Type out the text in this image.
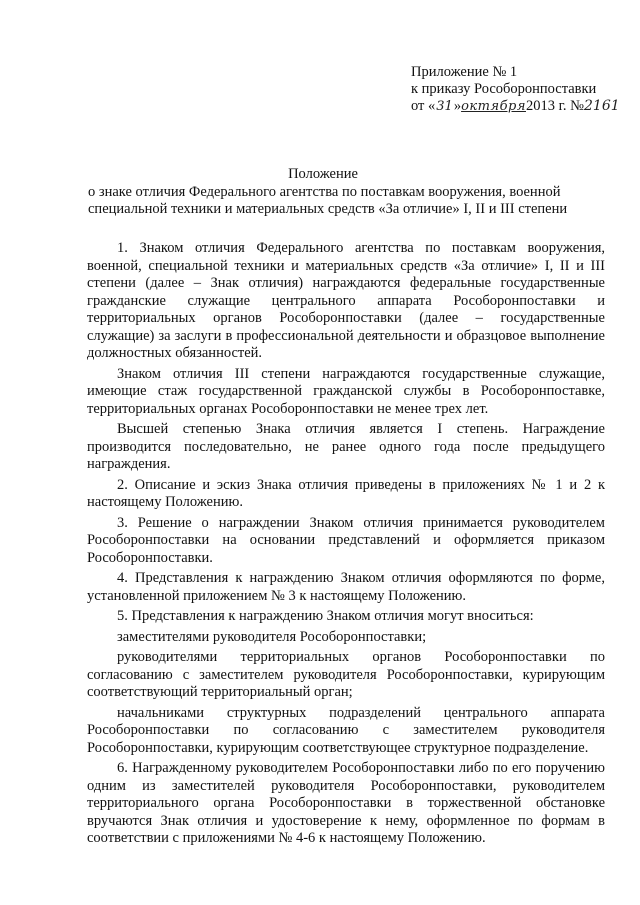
Приложение № 1
к приказу Рособоронпоставки
от «31»октября2013 г. №2161
Положение
о знаке отличия Федерального агентства по поставкам вооружения, военной
специальной техники и материальных средств «За отличие» I, II и III степени

1. Знаком отличия Федерального агентства по поставкам вооружения, военной, специальной техники и материальных средств «За отличие» I, II и III степени (далее – Знак отличия) награждаются федеральные государственные гражданские служащие центрального аппарата Рособоронпоставки и территориальных органов Рособоронпоставки (далее – государственные служащие) за заслуги в профессиональной деятельности и образцовое выполнение должностных обязанностей.

Знаком отличия III степени награждаются государственные служащие, имеющие стаж государственной гражданской службы в Рособоронпоставке, территориальных органах Рособоронпоставки не менее трех лет.

Высшей степенью Знака отличия является I степень. Награждение производится последовательно, не ранее одного года после предыдущего награждения.

2. Описание и эскиз Знака отличия приведены в приложениях № 1 и 2 к настоящему Положению.

3. Решение о награждении Знаком отличия принимается руководителем Рособоронпоставки на основании представлений и оформляется приказом Рособоронпоставки.

4. Представления к награждению Знаком отличия оформляются по форме, установленной приложением № 3 к настоящему Положению.

5. Представления к награждению Знаком отличия могут вноситься:

заместителями руководителя Рособоронпоставки;

руководителями территориальных органов Рособоронпоставки по согласованию с заместителем руководителя Рособоронпоставки, курирующим соответствующий территориальный орган;

начальниками структурных подразделений центрального аппарата Рособоронпоставки по согласованию с заместителем руководителя Рособоронпоставки, курирующим соответствующее структурное подразделение.

6. Награжденному руководителем Рособоронпоставки либо по его поручению одним из заместителей руководителя Рособоронпоставки, руководителем территориального органа Рособоронпоставки в торжественной обстановке вручаются Знак отличия и удостоверение к нему, оформленное по формам в соответствии с приложениями № 4-6 к настоящему Положению.
